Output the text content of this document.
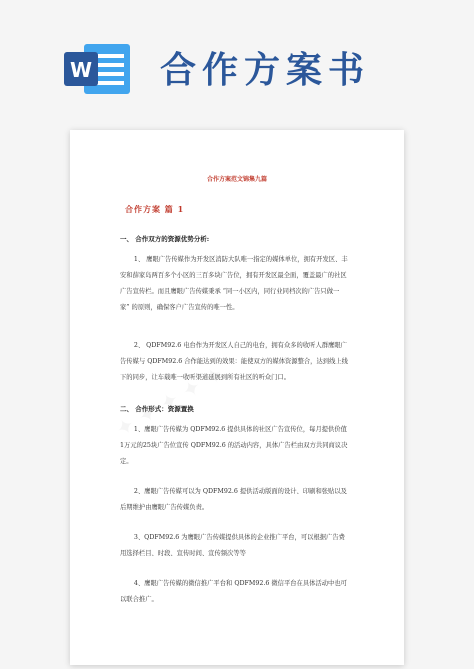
W 合作方案书
合作方案范文锦集九篇
合作方案 篇 1
一、 合作双方的资源优势分析:

1、 鹰眼广告传媒作为开发区消防大队唯一指定的媒体单位，拥有开发区、丰安和薛家岛两百多个小区的三百多块广告位，拥有开发区最全面，覆盖最广的社区广告宣传栏。而且鹰眼广告传媒秉承 “同一小区内，同行业同档次的广告只做一家” 的原则，确保客户广告宣传的唯一性。

2、 QDFM92.6 电台作为开发区人自己的电台，拥有众多的收听人群鹰眼广告传媒与 QDFM92.6 合作能达到的效果：能使双方的媒体资源整合，达到线上线下的同步，让车载唯一收听渠道延展到所有社区的听众门口。

二、 合作形式：资源置换

1、鹰眼广告传媒为 QDFM92.6 提供具体的社区广告宣传位，每月提供价值1万元的25块广告位宣传 QDFM92.6 的活动内容，具体广告栏由双方共同商议决定。

2、鹰眼广告传媒可以为 QDFM92.6 提供活动版面的设计、印刷和张贴以及后期维护由鹰眼广告传媒负责。

3、QDFM92.6 为鹰眼广告传媒提供具体的企业推广平台，可以根据广告费用选择栏目、时段、宣传时间、宣传频次等等

4、鹰眼广告传媒的微信推广平台和 QDFM92.6 微信平台在具体活动中也可以联合推广。
